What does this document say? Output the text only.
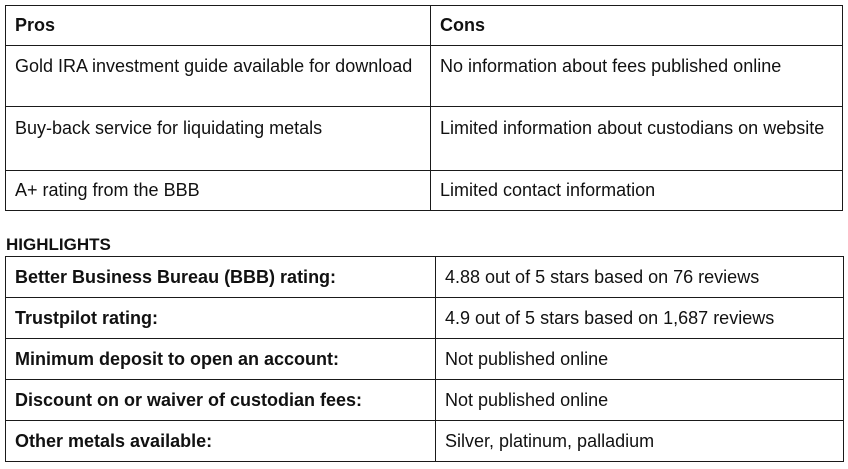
Pros	Cons
Gold IRA investment guide available for download	No information about fees published online
Buy-back service for liquidating metals	Limited information about custodians on website
A+ rating from the BBB	Limited contact information
HIGHLIGHTS
Better Business Bureau (BBB) rating:	4.88 out of 5 stars based on 76 reviews
Trustpilot rating:	4.9 out of 5 stars based on 1,687 reviews
Minimum deposit to open an account:	Not published online
Discount on or waiver of custodian fees:	Not published online
Other metals available:	Silver, platinum, palladium
